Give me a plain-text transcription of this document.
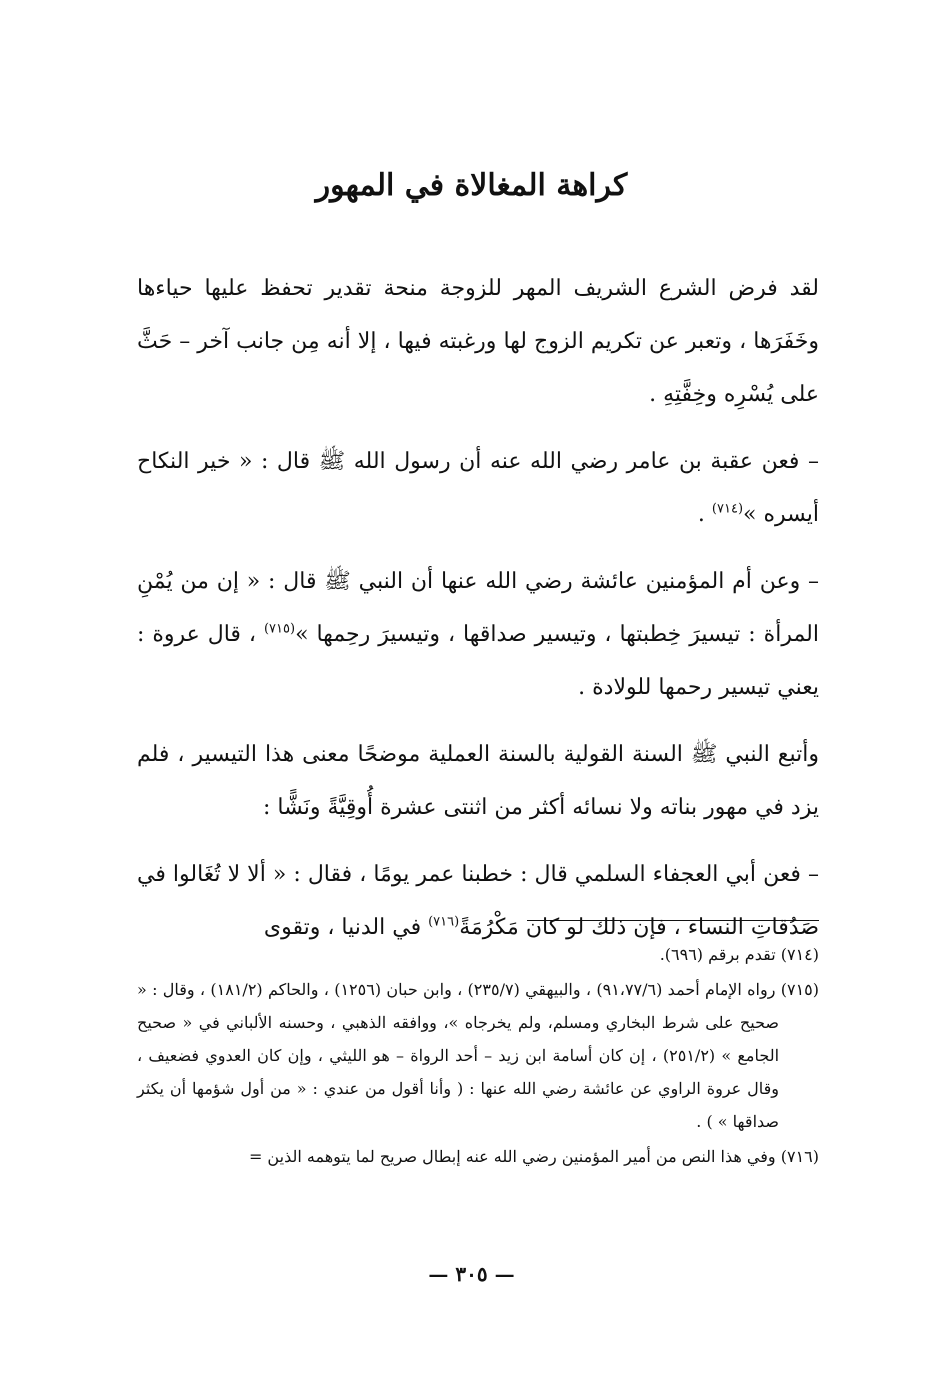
كراهة المغالاة في المهور

لقد فرض الشرع الشريف المهر للزوجة منحة تقدير تحفظ عليها حياءها وخَفَرَها ، وتعبر عن تكريم الزوج لها ورغبته فيها ، إلا أنه مِن جانب آخر – حَثَّ على يُسْرِه وخِفَّتِهِ .

– فعن عقبة بن عامر رضي الله عنه أن رسول الله ﷺ قال : « خير النكاح أيسره »$^{(٧١٤)}$ .

– وعن أم المؤمنين عائشة رضي الله عنها أن النبي ﷺ قال : « إن من يُمْنِ المرأة : تيسيرَ خِطبتها ، وتيسير صداقها ، وتيسيرَ رحِمها »$^{(٧١٥)}$ ، قال عروة : يعني تيسير رحمها للولادة .

وأتبع النبي ﷺ السنة القولية بالسنة العملية موضحًا معنى هذا التيسير ، فلم يزد في مهور بناته ولا نسائه أكثر من اثنتى عشرة أُوقِيَّةً ونَشًّا :

– فعن أبي العجفاء السلمي قال : خطبنا عمر يومًا ، فقال : « ألا لا تُغَالوا في صَدُقاتِ النساء ، فإن ذلك لو كان مَكْرُمَةً$^{(٧١٦)}$ في الدنيا ، وتقوى

(٧١٤) تقدم برقم (٦٩٦).
(٧١٥) رواه الإمام أحمد (٩١،٧٧/٦) ، والبيهقي (٢٣٥/٧) ، وابن حبان (١٢٥٦) ، والحاكم (١٨١/٢) ، وقال : « صحيح على شرط البخاري ومسلم، ولم يخرجاه »، ووافقه الذهبي ، وحسنه الألباني في « صحيح الجامع » (٢٥١/٢) ، إن كان أسامة ابن زيد – أحد الرواة – هو الليثي ، وإن كان العدوي فضعيف ، وقال عروة الراوي عن عائشة رضي الله عنها : ( وأنا أقول من عندي : « من أول شؤمها أن يكثر صداقها » ) .
(٧١٦) وفي هذا النص من أمير المؤمنين رضي الله عنه إبطال صريح لما يتوهمه الذين =
— ٣٠٥ —
